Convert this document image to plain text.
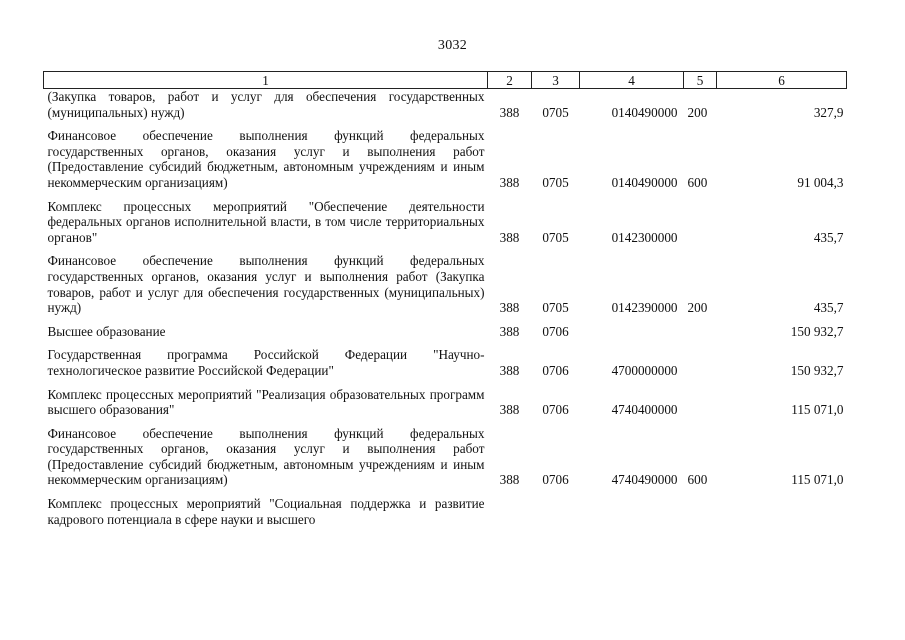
3032
1	2	3	4	5	6
(Закупка товаров, работ и услуг для обеспечения государственных (муниципальных) нужд)	388	0705	0140490000	200	327,9

Финансовое обеспечение выполнения функций федеральных государственных органов, оказания услуг и выполнения работ (Предоставление субсидий бюджетным, автономным учреждениям и иным некоммерческим организациям)	388	0705	0140490000	600	91 004,3

Комплекс процессных мероприятий "Обеспечение деятельности федеральных органов исполнительной власти, в том числе территориальных органов"	388	0705	0142300000		435,7

Финансовое обеспечение выполнения функций федеральных государственных органов, оказания услуг и выполнения работ (Закупка товаров, работ и услуг для обеспечения государственных (муниципальных) нужд)	388	0705	0142390000	200	435,7

Высшее образование	388	0706			150 932,7

Государственная программа Российской Федерации "Научно-технологическое развитие Российской Федерации"	388	0706	4700000000		150 932,7

Комплекс процессных мероприятий "Реализация образовательных программ высшего образования"	388	0706	4740400000		115 071,0

Финансовое обеспечение выполнения функций федеральных государственных органов, оказания услуг и выполнения работ (Предоставление субсидий бюджетным, автономным учреждениям и иным некоммерческим организациям)	388	0706	4740490000	600	115 071,0

Комплекс процессных мероприятий "Социальная поддержка и развитие кадрового потенциала в сфере науки и высшего					
